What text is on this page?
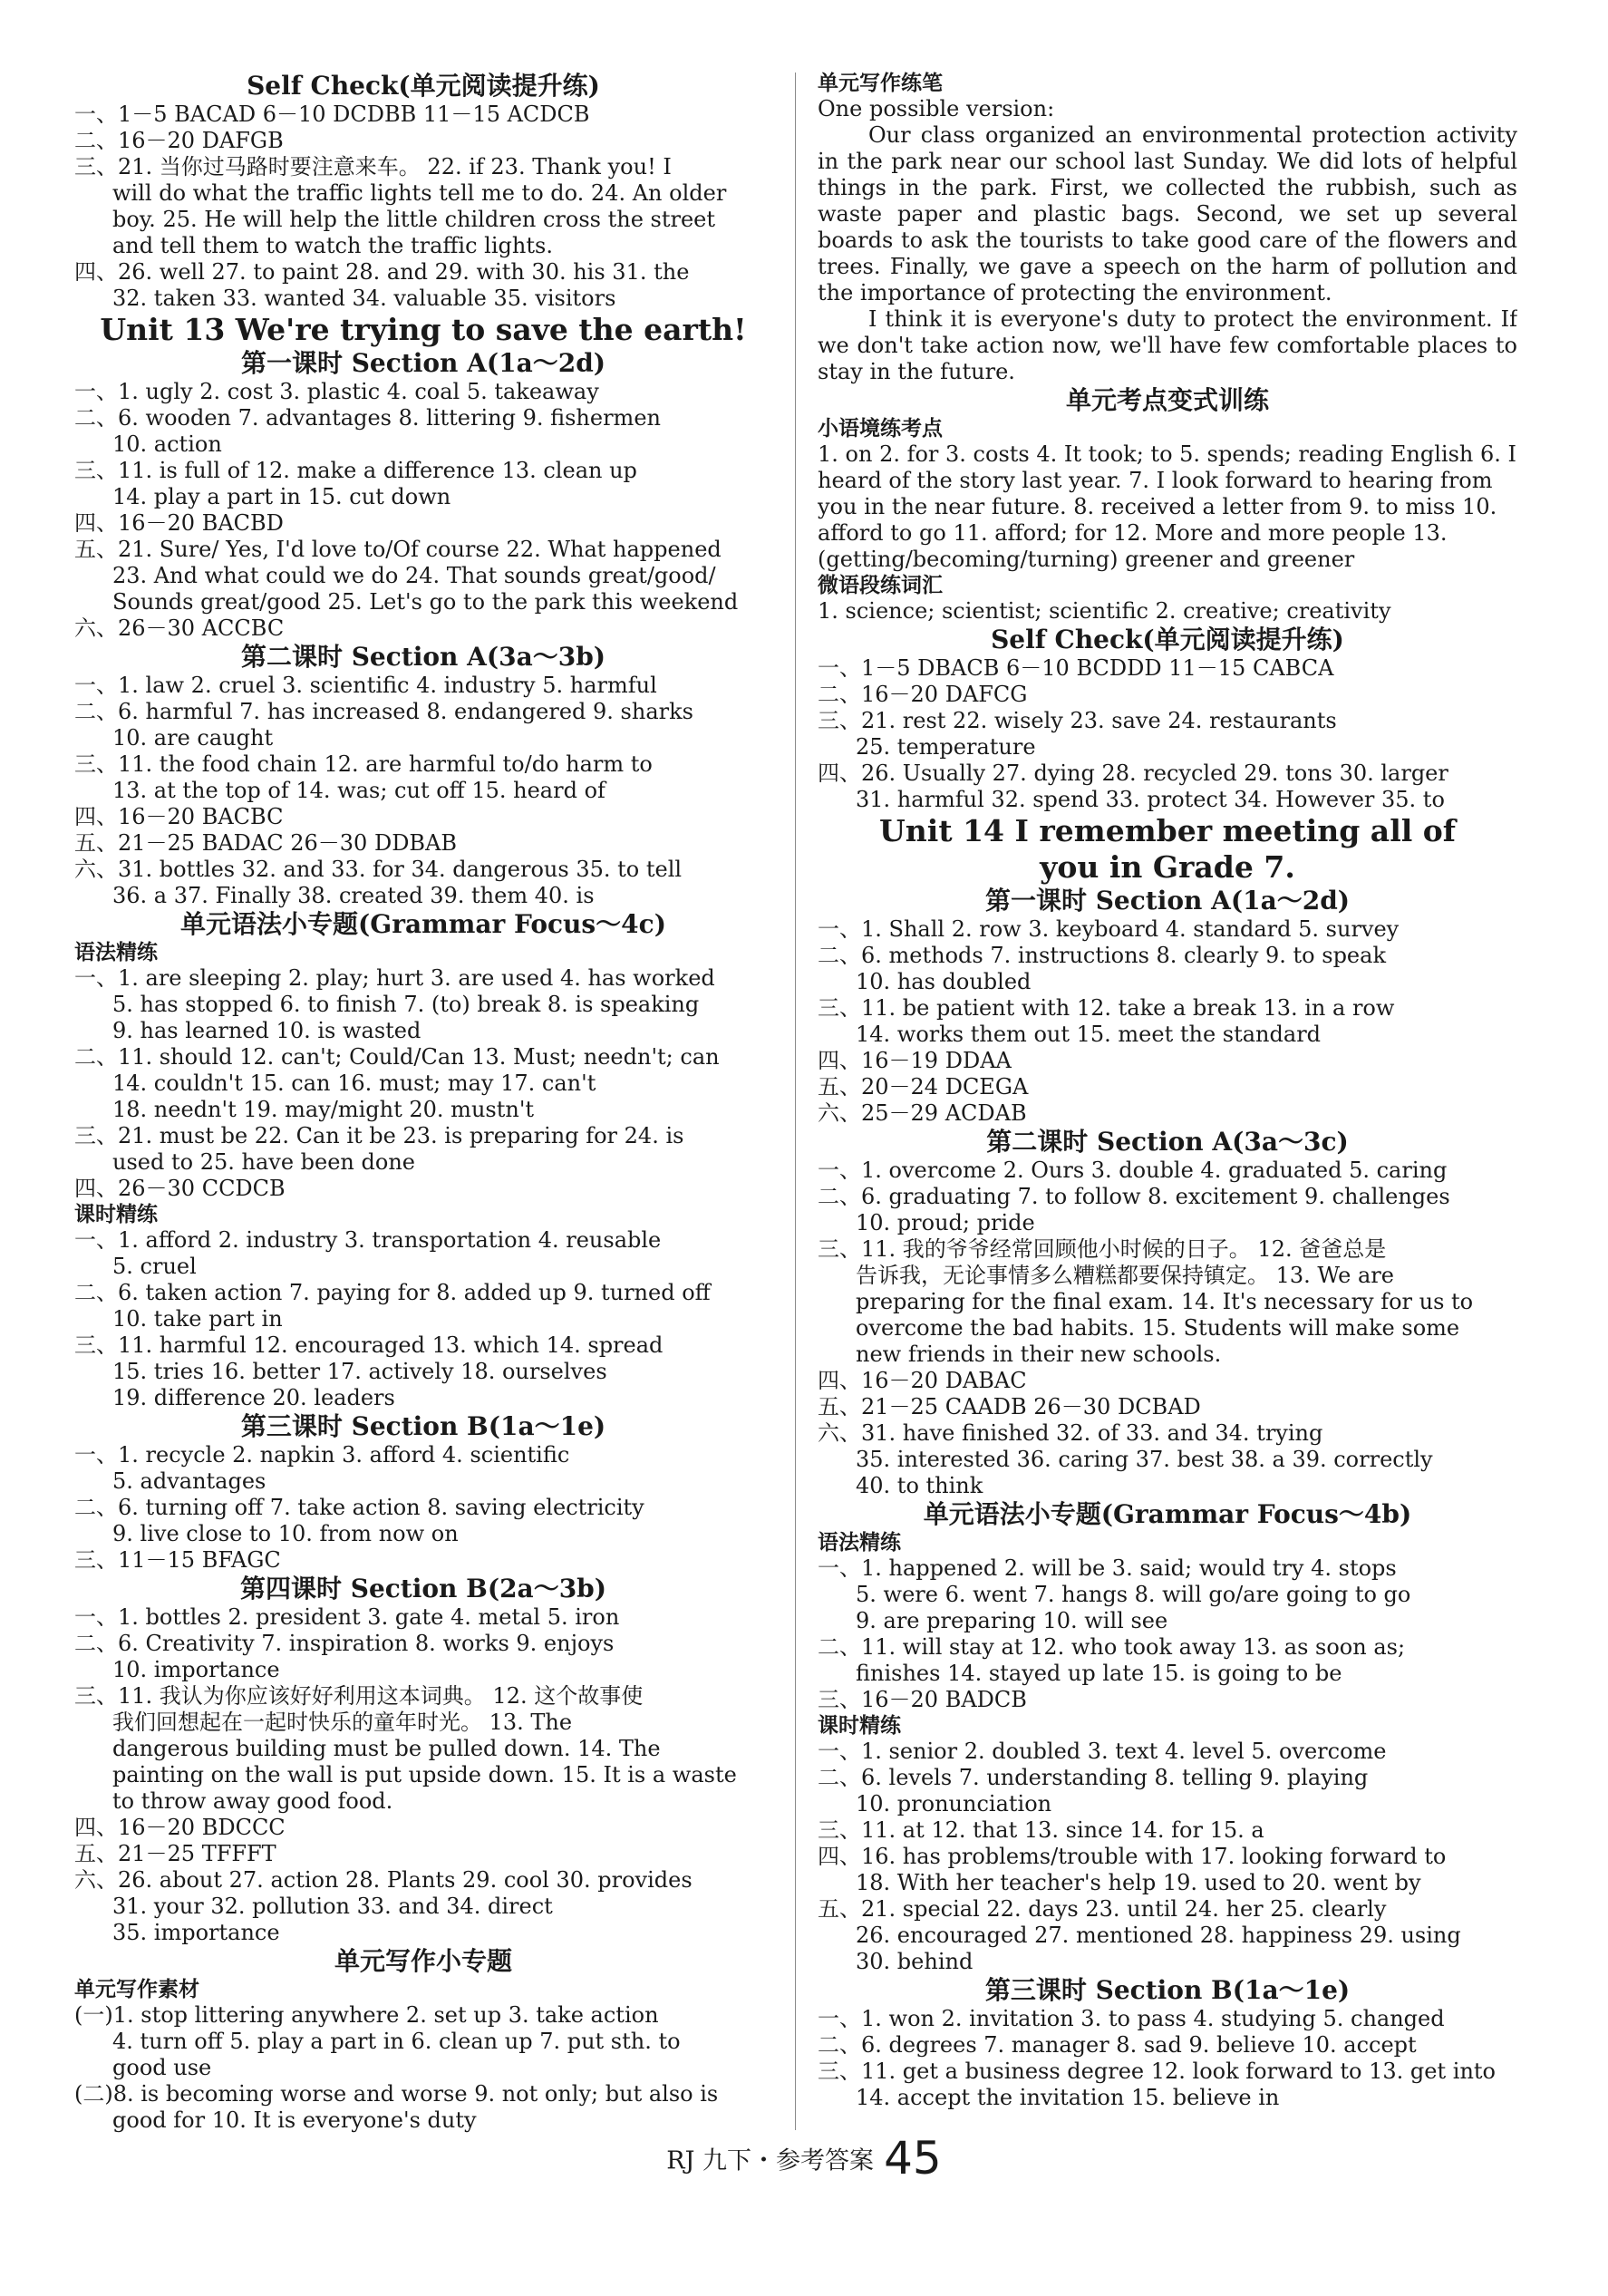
Self Check(单元阅读提升练)
一、1－5 BACAD 6－10 DCDBB 11－15 ACDCB
二、16－20 DAFGB
三、21. 当你过马路时要注意来车。 22. if 23. Thank you! I
will do what the traffic lights tell me to do. 24. An older
boy. 25. He will help the little children cross the street
and tell them to watch the traffic lights.
四、26. well 27. to paint 28. and 29. with 30. his 31. the
32. taken 33. wanted 34. valuable 35. visitors
Unit 13 We're trying to save the earth!
第一课时 Section A(1a～2d)
一、1. ugly 2. cost 3. plastic 4. coal 5. takeaway
二、6. wooden 7. advantages 8. littering 9. fishermen
10. action
三、11. is full of 12. make a difference 13. clean up
14. play a part in 15. cut down
四、16－20 BACBD
五、21. Sure/ Yes, I'd love to/Of course 22. What happened
23. And what could we do 24. That sounds great/good/
Sounds great/good 25. Let's go to the park this weekend
六、26－30 ACCBC
第二课时 Section A(3a～3b)
一、1. law 2. cruel 3. scientific 4. industry 5. harmful
二、6. harmful 7. has increased 8. endangered 9. sharks
10. are caught
三、11. the food chain 12. are harmful to/do harm to
13. at the top of 14. was; cut off 15. heard of
四、16－20 BACBC
五、21－25 BADAC 26－30 DDBAB
六、31. bottles 32. and 33. for 34. dangerous 35. to tell
36. a 37. Finally 38. created 39. them 40. is
单元语法小专题(Grammar Focus～4c)
语法精练
一、1. are sleeping 2. play; hurt 3. are used 4. has worked
5. has stopped 6. to finish 7. (to) break 8. is speaking
9. has learned 10. is wasted
二、11. should 12. can't; Could/Can 13. Must; needn't; can
14. couldn't 15. can 16. must; may 17. can't
18. needn't 19. may/might 20. mustn't
三、21. must be 22. Can it be 23. is preparing for 24. is
used to 25. have been done
四、26－30 CCDCB
课时精练
一、1. afford 2. industry 3. transportation 4. reusable
5. cruel
二、6. taken action 7. paying for 8. added up 9. turned off
10. take part in
三、11. harmful 12. encouraged 13. which 14. spread
15. tries 16. better 17. actively 18. ourselves
19. difference 20. leaders
第三课时 Section B(1a～1e)
一、1. recycle 2. napkin 3. afford 4. scientific
5. advantages
二、6. turning off 7. take action 8. saving electricity
9. live close to 10. from now on
三、11－15 BFAGC
第四课时 Section B(2a～3b)
一、1. bottles 2. president 3. gate 4. metal 5. iron
二、6. Creativity 7. inspiration 8. works 9. enjoys
10. importance
三、11. 我认为你应该好好利用这本词典。 12. 这个故事使
我们回想起在一起时快乐的童年时光。 13. The
dangerous building must be pulled down. 14. The
painting on the wall is put upside down. 15. It is a waste
to throw away good food.
四、16－20 BDCCC
五、21－25 TFFFT
六、26. about 27. action 28. Plants 29. cool 30. provides
31. your 32. pollution 33. and 34. direct
35. importance
单元写作小专题
单元写作素材
(一)1. stop littering anywhere 2. set up 3. take action
4. turn off 5. play a part in 6. clean up 7. put sth. to
good use
(二)8. is becoming worse and worse 9. not only; but also is
good for 10. It is everyone's duty
单元写作练笔
One possible version:
Our class organized an environmental protection activity in the park near our school last Sunday. We did lots of helpful things in the park. First, we collected the rubbish, such as waste paper and plastic bags. Second, we set up several boards to ask the tourists to take good care of the flowers and trees. Finally, we gave a speech on the harm of pollution and the importance of protecting the environment.
I think it is everyone's duty to protect the environment. If we don't take action now, we'll have few comfortable places to stay in the future.
单元考点变式训练
小语境练考点
1. on 2. for 3. costs 4. It took; to 5. spends; reading English 6. I heard of the story last year. 7. I look forward to hearing from you in the near future. 8. received a letter from 9. to miss 10. afford to go 11. afford; for 12. More and more people 13. (getting/becoming/turning) greener and greener
微语段练词汇
1. science; scientist; scientific 2. creative; creativity
Self Check(单元阅读提升练)
一、1－5 DBACB 6－10 BCDDD 11－15 CABCA
二、16－20 DAFCG
三、21. rest 22. wisely 23. save 24. restaurants
25. temperature
四、26. Usually 27. dying 28. recycled 29. tons 30. larger
31. harmful 32. spend 33. protect 34. However 35. to
Unit 14 I remember meeting all of
you in Grade 7.
第一课时 Section A(1a～2d)
一、1. Shall 2. row 3. keyboard 4. standard 5. survey
二、6. methods 7. instructions 8. clearly 9. to speak
10. has doubled
三、11. be patient with 12. take a break 13. in a row
14. works them out 15. meet the standard
四、16－19 DDAA
五、20－24 DCEGA
六、25－29 ACDAB
第二课时 Section A(3a～3c)
一、1. overcome 2. Ours 3. double 4. graduated 5. caring
二、6. graduating 7. to follow 8. excitement 9. challenges
10. proud; pride
三、11. 我的爷爷经常回顾他小时候的日子。 12. 爸爸总是
告诉我，无论事情多么糟糕都要保持镇定。 13. We are
preparing for the final exam. 14. It's necessary for us to
overcome the bad habits. 15. Students will make some
new friends in their new schools.
四、16－20 DABAC
五、21－25 CAADB 26－30 DCBAD
六、31. have finished 32. of 33. and 34. trying
35. interested 36. caring 37. best 38. a 39. correctly
40. to think
单元语法小专题(Grammar Focus～4b)
语法精练
一、1. happened 2. will be 3. said; would try 4. stops
5. were 6. went 7. hangs 8. will go/are going to go
9. are preparing 10. will see
二、11. will stay at 12. who took away 13. as soon as;
finishes 14. stayed up late 15. is going to be
三、16－20 BADCB
课时精练
一、1. senior 2. doubled 3. text 4. level 5. overcome
二、6. levels 7. understanding 8. telling 9. playing
10. pronunciation
三、11. at 12. that 13. since 14. for 15. a
四、16. has problems/trouble with 17. looking forward to
18. With her teacher's help 19. used to 20. went by
五、21. special 22. days 23. until 24. her 25. clearly
26. encouraged 27. mentioned 28. happiness 29. using
30. behind
第三课时 Section B(1a～1e)
一、1. won 2. invitation 3. to pass 4. studying 5. changed
二、6. degrees 7. manager 8. sad 9. believe 10. accept
三、11. get a business degree 12. look forward to 13. get into
14. accept the invitation 15. believe in
RJ 九下・参考答案 45
